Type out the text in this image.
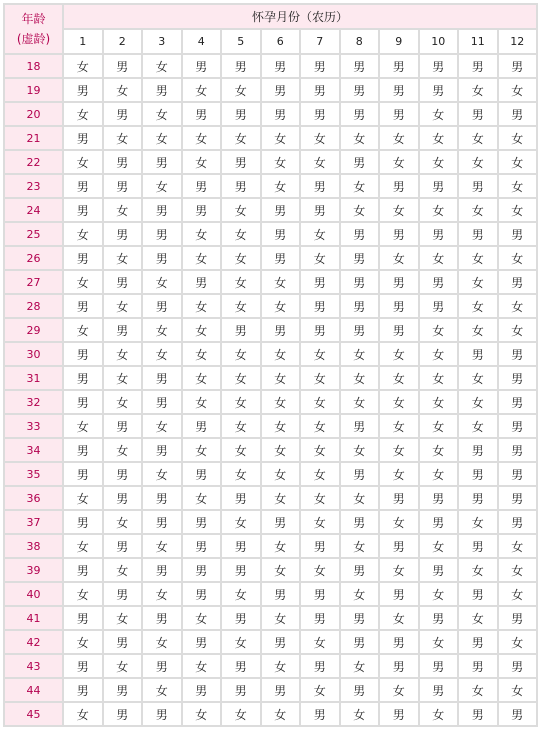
年龄
(虚龄)	怀孕月份（农历）											
	1	2	3	4	5	6	7	8	9	10	11	12
18	女	男	女	男	男	男	男	男	男	男	男	男
19	男	女	男	女	女	男	男	男	男	男	女	女
20	女	男	女	男	男	男	男	男	男	女	男	男
21	男	女	女	女	女	女	女	女	女	女	女	女
22	女	男	男	女	男	女	女	男	女	女	女	女
23	男	男	女	男	男	女	男	女	男	男	男	女
24	男	女	男	男	女	男	男	女	女	女	女	女
25	女	男	男	女	女	男	女	男	男	男	男	男
26	男	女	男	女	女	男	女	男	女	女	女	女
27	女	男	女	男	女	女	男	男	男	男	女	男
28	男	女	男	女	女	女	男	男	男	男	女	女
29	女	男	女	女	男	男	男	男	男	女	女	女
30	男	女	女	女	女	女	女	女	女	女	男	男
31	男	女	男	女	女	女	女	女	女	女	女	男
32	男	女	男	女	女	女	女	女	女	女	女	男
33	女	男	女	男	女	女	女	男	女	女	女	男
34	男	女	男	女	女	女	女	女	女	女	男	男
35	男	男	女	男	女	女	女	男	女	女	男	男
36	女	男	男	女	男	女	女	女	男	男	男	男
37	男	女	男	男	女	男	女	男	女	男	女	男
38	女	男	女	男	男	女	男	女	男	女	男	女
39	男	女	男	男	男	女	女	男	女	男	女	女
40	女	男	女	男	女	男	男	女	男	女	男	女
41	男	女	男	女	男	女	男	男	女	男	女	男
42	女	男	女	男	女	男	女	男	男	女	男	女
43	男	女	男	女	男	女	男	女	男	男	男	男
44	男	男	女	男	男	男	女	男	女	男	女	女
45	女	男	男	女	女	女	男	女	男	女	男	男
